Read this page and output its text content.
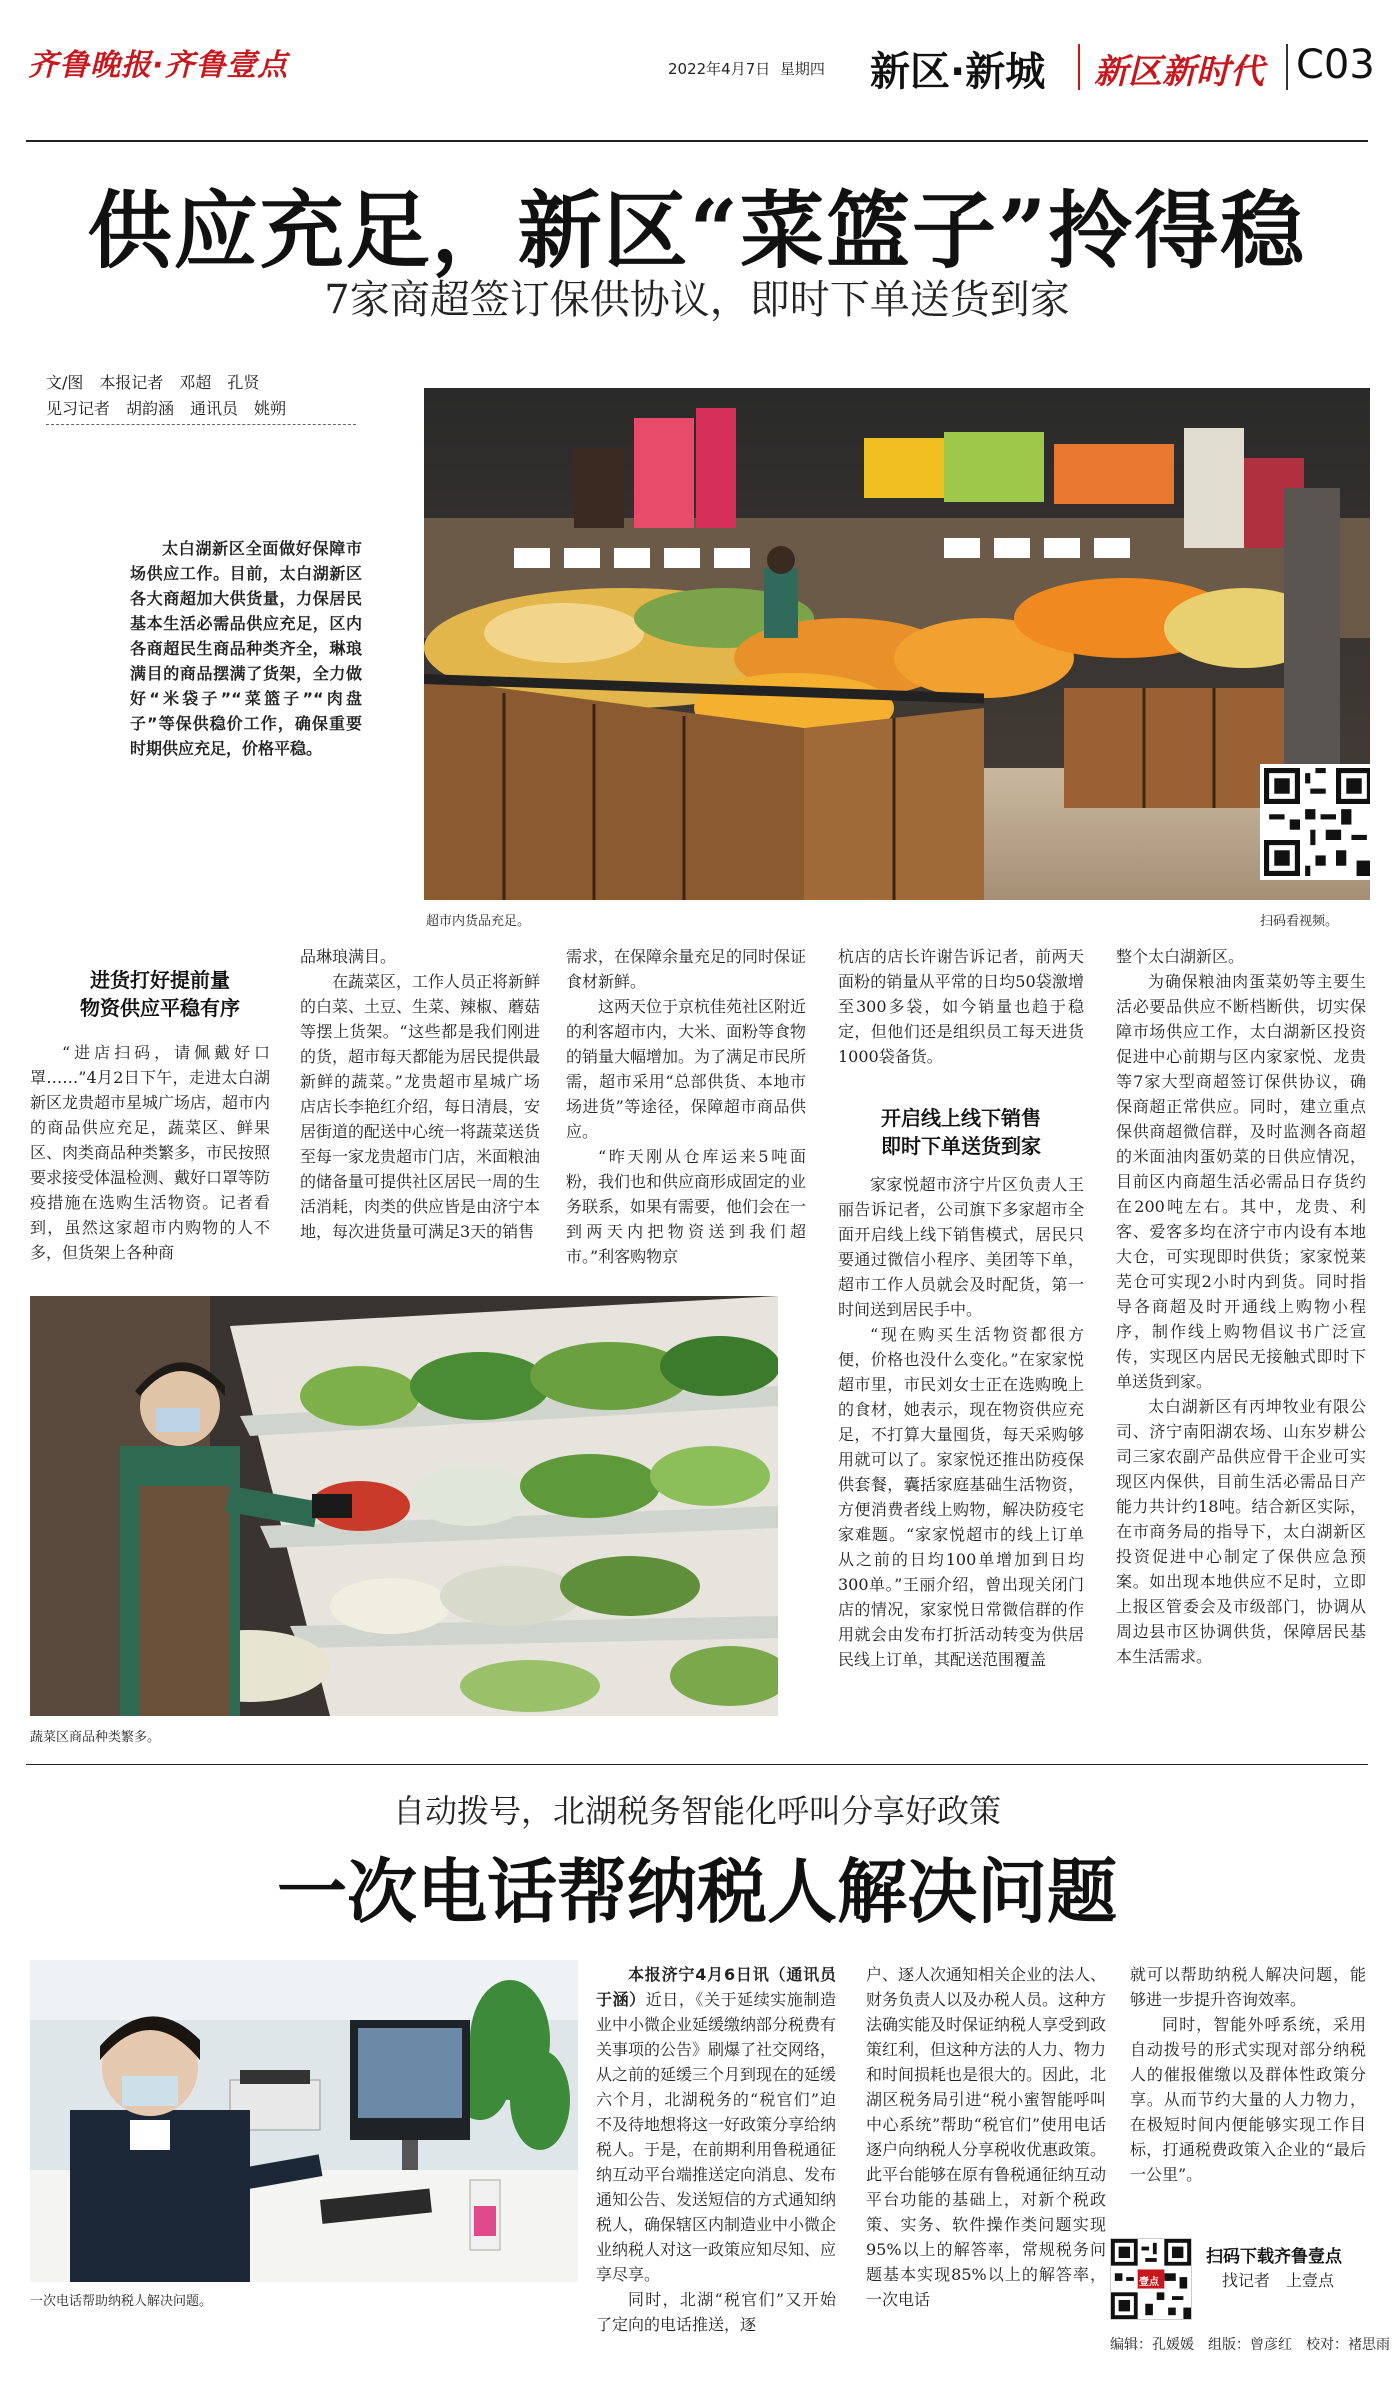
齐鲁晚报·齐鲁壹点	2022年4月7日 星期四 新区·新城 新区新时代 C03
供应充足，新区“菜篮子”拎得稳
7家商超签订保供协议，即时下单送货到家
文/图　本报记者　邓超　孔贤
见习记者　胡韵涵　通讯员　姚朔
太白湖新区全面做好保障市场供应工作。目前，太白湖新区各大商超加大供货量，力保居民基本生活必需品供应充足，区内各商超民生商品种类齐全，琳琅满目的商品摆满了货架，全力做好“米袋子”“菜篮子”“肉盘子”等保供稳价工作，确保重要时期供应充足，价格平稳。
超市内货品充足。	扫码看视频。
进货打好提前量
物资供应平稳有序

“进店扫码，请佩戴好口罩……”4月2日下午，走进太白湖新区龙贵超市星城广场店，超市内的商品供应充足，蔬菜区、鲜果区、肉类商品种类繁多，市民按照要求接受体温检测、戴好口罩等防疫措施在选购生活物资。记者看到，虽然这家超市内购物的人不多，但货架上各种商

品琳琅满目。

在蔬菜区，工作人员正将新鲜的白菜、土豆、生菜、辣椒、蘑菇等摆上货架。“这些都是我们刚进的货，超市每天都能为居民提供最新鲜的蔬菜。”龙贵超市星城广场店店长李艳红介绍，每日清晨，安居街道的配送中心统一将蔬菜送货至每一家龙贵超市门店，米面粮油的储备量可提供社区居民一周的生活消耗，肉类的供应皆是由济宁本地，每次进货量可满足3天的销售

需求，在保障余量充足的同时保证食材新鲜。

这两天位于京杭佳苑社区附近的利客超市内，大米、面粉等食物的销量大幅增加。为了满足市民所需，超市采用“总部供货、本地市场进货”等途径，保障超市商品供应。

“昨天刚从仓库运来5吨面粉，我们也和供应商形成固定的业务联系，如果有需要，他们会在一到两天内把物资送到我们超市。”利客购物京

杭店的店长许谢告诉记者，前两天面粉的销量从平常的日均50袋激增至300多袋，如今销量也趋于稳定，但他们还是组织员工每天进货1000袋备货。
开启线上线下销售
即时下单送货到家

家家悦超市济宁片区负责人王丽告诉记者，公司旗下多家超市全面开启线上线下销售模式，居民只要通过微信小程序、美团等下单，超市工作人员就会及时配货，第一时间送到居民手中。

“现在购买生活物资都很方便，价格也没什么变化。”在家家悦超市里，市民刘女士正在选购晚上的食材，她表示，现在物资供应充足，不打算大量囤货，每天采购够用就可以了。家家悦还推出防疫保供套餐，囊括家庭基础生活物资，方便消费者线上购物，解决防疫宅家难题。“家家悦超市的线上订单从之前的日均100单增加到日均300单。”王丽介绍，曾出现关闭门店的情况，家家悦日常微信群的作用就会由发布打折活动转变为供居民线上订单，其配送范围覆盖

整个太白湖新区。

为确保粮油肉蛋菜奶等主要生活必要品供应不断档断供，切实保障市场供应工作，太白湖新区投资促进中心前期与区内家家悦、龙贵等7家大型商超签订保供协议，确保商超正常供应。同时，建立重点保供商超微信群，及时监测各商超的米面油肉蛋奶菜的日供应情况，目前区内商超生活必需品日存货约在200吨左右。其中，龙贵、利客、爱客多均在济宁市内设有本地大仓，可实现即时供货；家家悦莱芜仓可实现2小时内到货。同时指导各商超及时开通线上购物小程序，制作线上购物倡议书广泛宣传，实现区内居民无接触式即时下单送货到家。

太白湖新区有丙坤牧业有限公司、济宁南阳湖农场、山东岁耕公司三家农副产品供应骨干企业可实现区内保供，目前生活必需品日产能力共计约18吨。结合新区实际，在市商务局的指导下，太白湖新区投资促进中心制定了保供应急预案。如出现本地供应不足时，立即上报区管委会及市级部门，协调从周边县市区协调供货，保障居民基本生活需求。

蔬菜区商品种类繁多。
自动拨号，北湖税务智能化呼叫分享好政策
一次电话帮纳税人解决问题
一次电话帮助纳税人解决问题。

本报济宁4月6日讯（通讯员　于涵）近日，《关于延续实施制造业中小微企业延缓缴纳部分税费有关事项的公告》刷爆了社交网络，从之前的延缓三个月到现在的延缓六个月，北湖税务的“税官们”迫不及待地想将这一好政策分享给纳税人。于是，在前期利用鲁税通征纳互动平台端推送定向消息、发布通知公告、发送短信的方式通知纳税人，确保辖区内制造业中小微企业纳税人对这一政策应知尽知、应享尽享。

同时，北湖“税官们”又开始了定向的电话推送，逐

户、逐人次通知相关企业的法人、财务负责人以及办税人员。这种方法确实能及时保证纳税人享受到政策红利，但这种方法的人力、物力和时间损耗也是很大的。因此，北湖区税务局引进“税小蜜智能呼叫中心系统”帮助“税官们”使用电话逐户向纳税人分享税收优惠政策。此平台能够在原有鲁税通征纳互动平台功能的基础上，对新个税政策、实务、软件操作类问题实现95%以上的解答率，常规税务问题基本实现85%以上的解答率，一次电话
就可以帮助纳税人解决问题，能够进一步提升咨询效率。

同时，智能外呼系统，采用自动拨号的形式实现对部分纳税人的催报催缴以及群体性政策分享。从而节约大量的人力物力，在极短时间内便能够实现工作目标，打通税费政策入企业的“最后一公里”。

壹点
扫码下载齐鲁壹点
找记者　上壹点
编辑：孔媛媛　组版：曾彦红　校对：褚思雨
